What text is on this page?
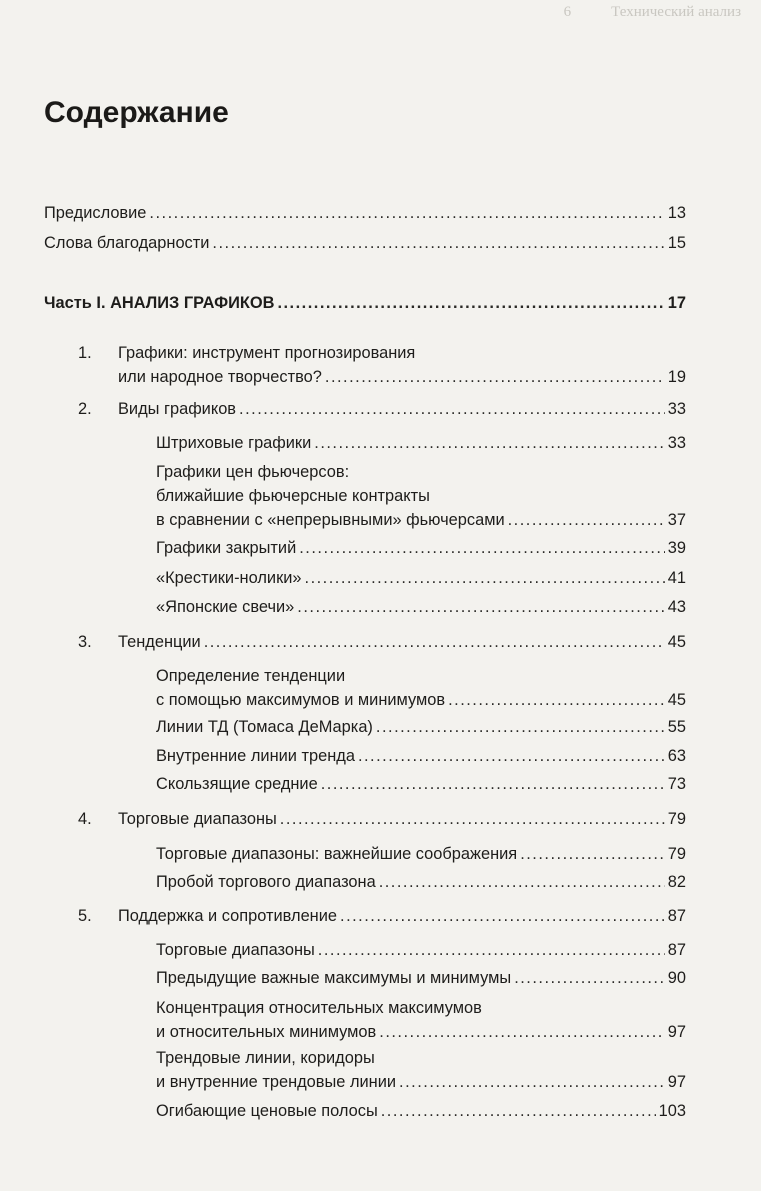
6	Технический анализ
Содержание
Предисловие .....	13
Слова благодарности .....	15
Часть I. АНАЛИЗ ГРАФИКОВ .....	17
1. Графики: инструмент прогнозирования
или народное творчество? .....	19
2. Виды графиков .....	33
Штриховые графики .....	33
Графики цен фьючерсов:
ближайшие фьючерсные контракты
в сравнении с «непрерывными» фьючерсами .....	37
Графики закрытий .....	39
«Крестики-нолики» .....	41
«Японские свечи» .....	43
3. Тенденции .....	45
Определение тенденции
с помощью максимумов и минимумов .....	45
Линии ТД (Томаса ДеМарка) .....	55
Внутренние линии тренда .....	63
Скользящие средние .....	73
4. Торговые диапазоны .....	79
Торговые диапазоны: важнейшие соображения .....	79
Пробой торгового диапазона .....	82
5. Поддержка и сопротивление .....	87
Торговые диапазоны .....	87
Предыдущие важные максимумы и минимумы .....	90
Концентрация относительных максимумов
и относительных минимумов .....	97
Трендовые линии, коридоры
и внутренние трендовые линии .....	97
Огибающие ценовые полосы .....	103
